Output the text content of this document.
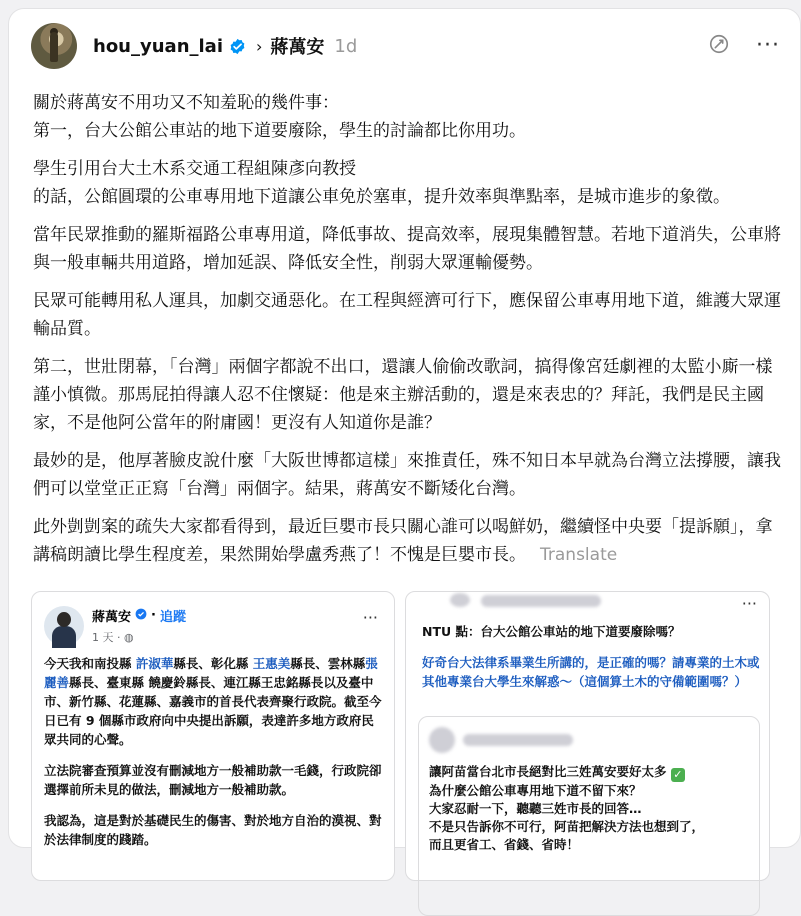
hou_yuan_lai › 蔣萬安 1d	···

關於蔣萬安不用功又不知羞恥的幾件事：
第一，台大公館公車站的地下道要廢除，學生的討論都比你用功。

學生引用台大土木系交通工程組陳彥向教授
的話，公館圓環的公車專用地下道讓公車免於塞車，提升效率與準點率，是城市進步的象徵。

當年民眾推動的羅斯福路公車專用道，降低事故、提高效率，展現集體智慧。若地下道消失，公車將與一般車輛共用道路，增加延誤、降低安全性，削弱大眾運輸優勢。

民眾可能轉用私人運具，加劇交通惡化。在工程與經濟可行下，應保留公車專用地下道，維護大眾運輸品質。

第二，世壯閉幕，「台灣」兩個字都說不出口，還讓人偷偷改歌詞，搞得像宮廷劇裡的太監小廝一樣謹小慎微。那馬屁拍得讓人忍不住懷疑：他是來主辦活動的，還是來表忠的？拜託，我們是民主國家，不是他阿公當年的附庸國！更沒有人知道你是誰？

最妙的是，他厚著臉皮說什麼「大阪世博都這樣」來推責任，殊不知日本早就為台灣立法撐腰，讓我們可以堂堂正正寫「台灣」兩個字。結果，蔣萬安不斷矮化台灣。

此外剴剴案的疏失大家都看得到，最近巨嬰市長只關心誰可以喝鮮奶，繼續怪中央要「提訴願」，拿講稿朗讀比學生程度差，果然開始學盧秀燕了！不愧是巨嬰市長。 Translate

蔣萬安 · 追蹤
1 天 · ◍
···

今天我和南投縣 許淑華縣長、彰化縣 王惠美縣長、雲林縣張麗善縣長、臺東縣 饒慶鈴縣長、連江縣王忠銘縣長以及臺中市、新竹縣、花蓮縣、嘉義市的首長代表齊聚行政院。截至今日已有 9 個縣市政府向中央提出訴願，表達許多地方政府民眾共同的心聲。

立法院審查預算並沒有刪減地方一般補助款一毛錢，行政院卻選擇前所未見的做法，刪減地方一般補助款。

我認為，這是對於基礎民生的傷害、對於地方自治的漠視、對於法律制度的踐踏。

···
NTU 點：台大公館公車站的地下道要廢除嗎？
好奇台大法律系畢業生所講的，是正確的嗎？請專業的土木或其他專業台大學生來解惑～（這個算土木的守備範圍嗎？）
讓阿苗當台北市長絕對比三姓萬安要好太多 ✓
為什麼公館公車專用地下道不留下來？
大家忍耐一下，聽聽三姓市長的回答…
不是只告訴你不可行，阿苗把解決方法也想到了，
而且更省工、省錢、省時！
